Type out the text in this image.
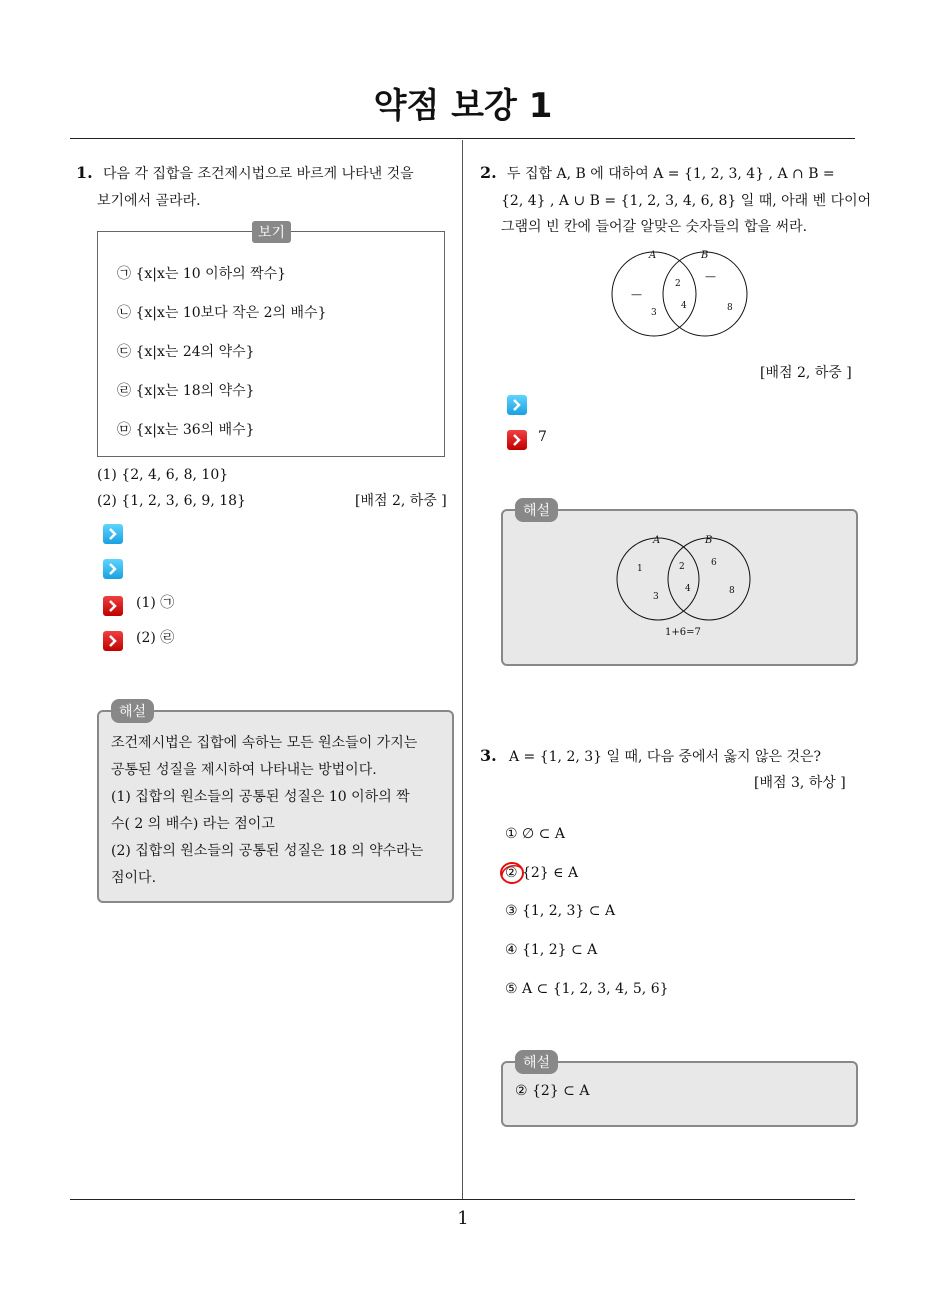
약점 보강 1
1
1. 다음 각 집합을 조건제시법으로 바르게 나타낸 것을
보기에서 골라라.
보기
㉠ {x|x는 10 이하의 짝수}
㉡ {x|x는 10보다 작은 2의 배수}
㉢ {x|x는 24의 약수}
㉣ {x|x는 18의 약수}
㉤ {x|x는 36의 배수}
(1) {2, 4, 6, 8, 10}
(2) {1, 2, 3, 6, 9, 18}	[배점 2, 하중 ]
(1) ㉠
(2) ㉣
해설
조건제시법은 집합에 속하는 모든 원소들이 가지는
공통된 성질을 제시하여 나타내는 방법이다.
(1) 집합의 원소들의 공통된 성질은 10 이하의 짝
수( 2 의 배수) 라는 점이고
(2) 집합의 원소들의 공통된 성질은 18 의 약수라는
점이다.
2. 두 집합 A, B 에 대하여 A = {1, 2, 3, 4} , A ∩ B =
{2, 4} , A ∪ B = {1, 2, 3, 4, 6, 8} 일 때, 아래 벤 다이어
그램의 빈 칸에 들어갈 알맞은 숫자들의 합을 써라.
A	B
2
4
3	8
—
—
[배점 2, 하중 ]
7
해설
A	B
1	2	6
4	8
3
1+6=7
3. A = {1, 2, 3} 일 때, 다음 중에서 옳지 않은 것은?
[배점 3, 하상 ]
① ∅ ⊂ A
② {2} ∈ A
③ {1, 2, 3} ⊂ A
④ {1, 2} ⊂ A
⑤ A ⊂ {1, 2, 3, 4, 5, 6}
해설
② {2} ⊂ A
